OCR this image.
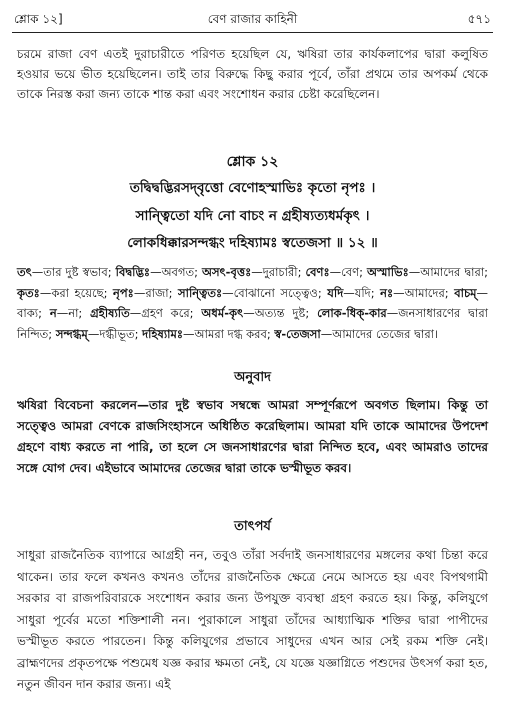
শ্লোক ১২]	বেণ রাজার কাহিনী	৫৭১
চরমে রাজা বেণ এতই দুরাচারীতে পরিণত হয়েছিল যে, ঋষিরা তার কার্যকলাপের দ্বারা কলুষিত হওয়ার ভয়ে ভীত হয়েছিলেন। তাই তার বিরুদ্ধে কিছু করার পূর্বে, তাঁরা প্রথমে তার অপকর্ম থেকে তাকে নিরস্ত করা জন্য তাকে শান্ত করা এবং সংশোধন করার চেষ্টা করেছিলেন।
শ্লোক ১২
তদ্বিদ্বদ্ভিরসদ্‌বৃত্তো বেণোহস্মাভিঃ কৃতো নৃপঃ ।
সান্ত্বিতো যদি নো বাচং ন গ্রহীষ্যত্যধর্মকৃৎ ।
লোকধিক্কারসন্দগ্ধং দহিষ্যামঃ স্বতেজসা ॥ ১২ ॥
তৎ—তার দুষ্ট স্বভাব; বিদ্বদ্ভিঃ—অবগত; অসৎ-বৃত্তঃ—দুরাচারী; বেণঃ—বেণ; অস্মাভিঃ—আমাদের দ্বারা; কৃতঃ—করা হয়েছে; নৃপঃ—রাজা; সান্ত্বিতঃ—বোঝানো সত্ত্বেও; যদি—যদি; নঃ—আমাদের; বাচম্—বাক্য; ন—না; গ্রহীষ্যতি—গ্রহণ করে; অধর্ম-কৃৎ—অত্যন্ত দুষ্ট; লোক-ধিক্-কার—জনসাধারণের দ্বারা নিন্দিত; সন্দগ্ধম্—দগ্ধীভূত; দহিষ্যামঃ—আমরা দগ্ধ করব; স্ব-তেজসা—আমাদের তেজের দ্বারা।
অনুবাদ
ঋষিরা বিবেচনা করলেন—তার দুষ্ট স্বভাব সম্বন্ধে আমরা সম্পূর্ণরূপে অবগত ছিলাম। কিন্তু তা সত্ত্বেও আমরা বেণকে রাজসিংহাসনে অধিষ্ঠিত করেছিলাম। আমরা যদি তাকে আমাদের উপদেশ গ্রহণে বাধ্য করতে না পারি, তা হলে সে জনসাধারণের দ্বারা নিন্দিত হবে, এবং আমরাও তাদের সঙ্গে যোগ দেব। এইভাবে আমাদের তেজের দ্বারা তাকে ভস্মীভূত করব।
তাৎপর্য
সাধুরা রাজনৈতিক ব্যাপারে আগ্রহী নন, তবুও তাঁরা সর্বদাই জনসাধারণের মঙ্গলের কথা চিন্তা করে থাকেন। তার ফলে কখনও কখনও তাঁদের রাজনৈতিক ক্ষেত্রে নেমে আসতে হয় এবং বিপথগামী সরকার বা রাজপরিবারকে সংশোধন করার জন্য উপযুক্ত ব্যবস্থা গ্রহণ করতে হয়। কিন্তু, কলিযুগে সাধুরা পূর্বের মতো শক্তিশালী নন। পুরাকালে সাধুরা তাঁদের আধ্যাত্মিক শক্তির দ্বারা পাপীদের ভস্মীভূত করতে পারতেন। কিন্তু কলিযুগের প্রভাবে সাধুদের এখন আর সেই রকম শক্তি নেই। ব্রাহ্মণদের প্রকৃতপক্ষে পশুমেধ যজ্ঞ করার ক্ষমতা নেই, যে যজ্ঞে যজ্ঞাগ্নিতে পশুদের উৎসর্গ করা হত, নতুন জীবন দান করার জন্য। এই
